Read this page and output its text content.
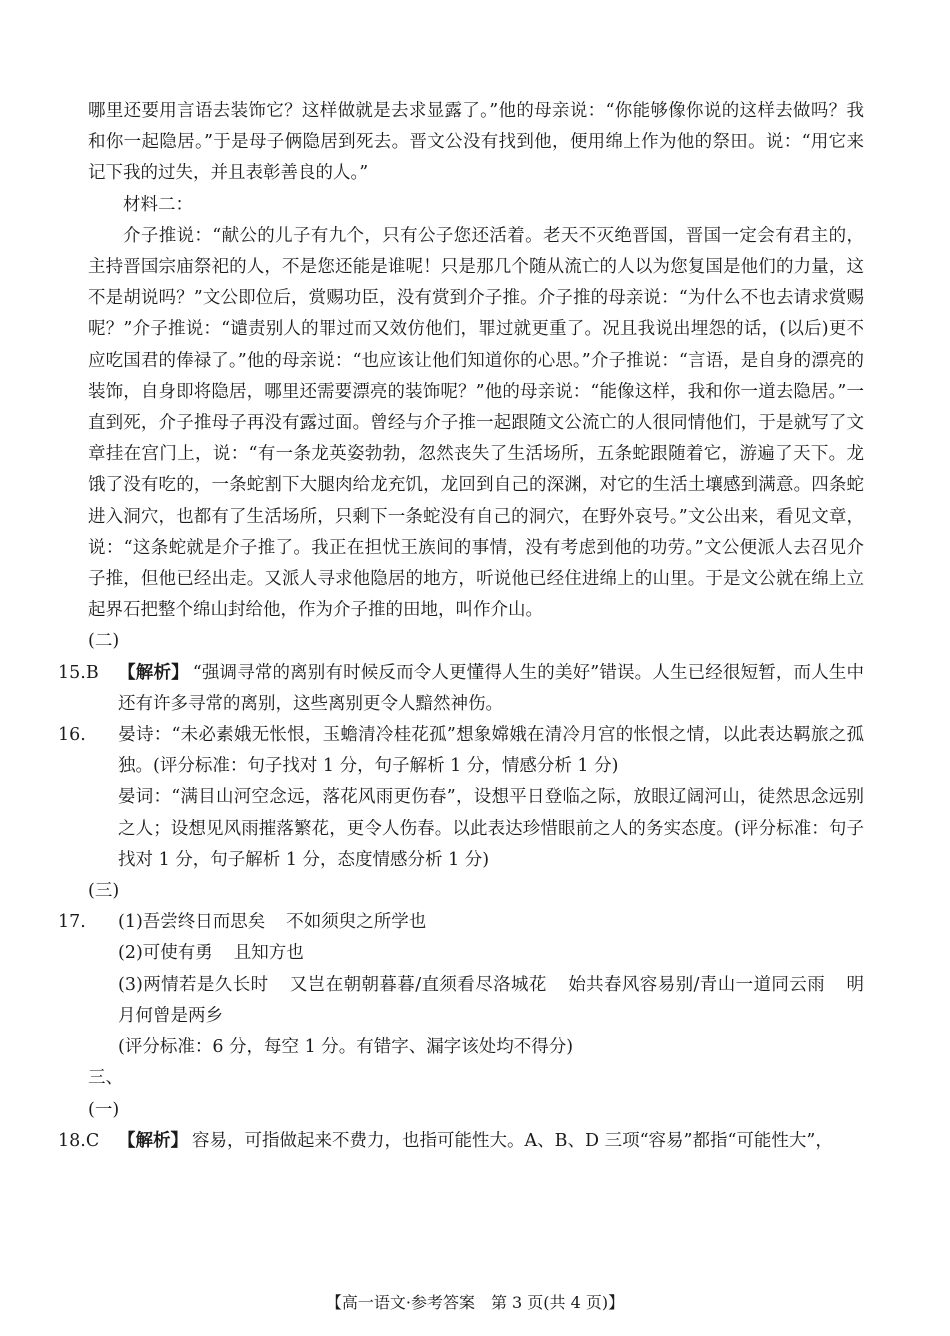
哪里还要用言语去装饰它？这样做就是去求显露了。”他的母亲说：“你能够像你说的这样去做吗？我和你一起隐居。”于是母子俩隐居到死去。晋文公没有找到他，便用绵上作为他的祭田。说：“用它来记下我的过失，并且表彰善良的人。”

材料二：

介子推说：“献公的儿子有九个，只有公子您还活着。老天不灭绝晋国，晋国一定会有君主的，主持晋国宗庙祭祀的人，不是您还能是谁呢！只是那几个随从流亡的人以为您复国是他们的力量，这不是胡说吗？”文公即位后，赏赐功臣，没有赏到介子推。介子推的母亲说：“为什么不也去请求赏赐呢？”介子推说：“谴责别人的罪过而又效仿他们，罪过就更重了。况且我说出埋怨的话，(以后)更不应吃国君的俸禄了。”他的母亲说：“也应该让他们知道你的心思。”介子推说：“言语，是自身的漂亮的装饰，自身即将隐居，哪里还需要漂亮的装饰呢？”他的母亲说：“能像这样，我和你一道去隐居。”一直到死，介子推母子再没有露过面。曾经与介子推一起跟随文公流亡的人很同情他们，于是就写了文章挂在宫门上，说：“有一条龙英姿勃勃，忽然丧失了生活场所，五条蛇跟随着它，游遍了天下。龙饿了没有吃的，一条蛇割下大腿肉给龙充饥，龙回到自己的深渊，对它的生活土壤感到满意。四条蛇进入洞穴，也都有了生活场所，只剩下一条蛇没有自己的洞穴，在野外哀号。”文公出来，看见文章，说：“这条蛇就是介子推了。我正在担忧王族间的事情，没有考虑到他的功劳。”文公便派人去召见介子推，但他已经出走。又派人寻求他隐居的地方，听说他已经住进绵上的山里。于是文公就在绵上立起界石把整个绵山封给他，作为介子推的田地，叫作介山。

(二)

15.B 【解析】 “强调寻常的离别有时候反而令人更懂得人生的美好”错误。人生已经很短暂，而人生中还有许多寻常的离别，这些离别更令人黯然神伤。

16. 晏诗：“未必素娥无怅恨，玉蟾清冷桂花孤”想象嫦娥在清冷月宫的怅恨之情，以此表达羁旅之孤独。(评分标准：句子找对 1 分，句子解析 1 分，情感分析 1 分)

晏词：“满目山河空念远，落花风雨更伤春”，设想平日登临之际，放眼辽阔河山，徒然思念远别之人；设想见风雨摧落繁花，更令人伤春。以此表达珍惜眼前之人的务实态度。(评分标准：句子找对 1 分，句子解析 1 分，态度情感分析 1 分)

(三)

17. (1)吾尝终日而思矣 不如须臾之所学也

(2)可使有勇 且知方也

(3)两情若是久长时 又岂在朝朝暮暮/直须看尽洛城花 始共春风容易别/青山一道同云雨 明月何曾是两乡

(评分标准：6 分，每空 1 分。有错字、漏字该处均不得分)

三、

(一)

18.C 【解析】 容易，可指做起来不费力，也指可能性大。A、B、D 三项“容易”都指“可能性大”，

【高一语文·参考答案　第 3 页(共 4 页)】
